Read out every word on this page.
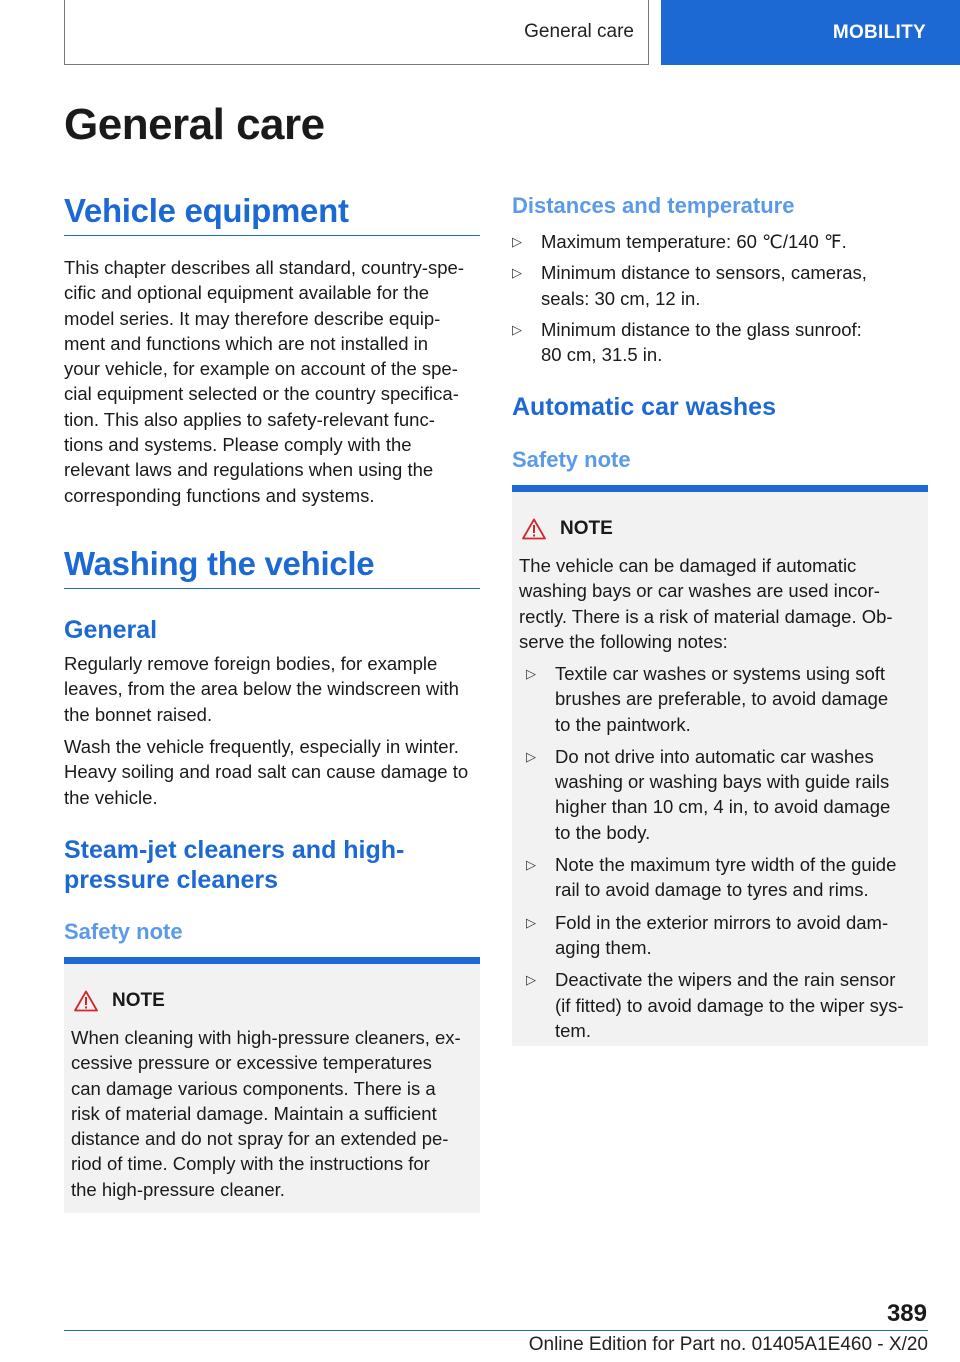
General care	MOBILITY
General care
Vehicle equipment
This chapter describes all standard, country-spe-
cific and optional equipment available for the
model series. It may therefore describe equip-
ment and functions which are not installed in
your vehicle, for example on account of the spe-
cial equipment selected or the country specifica-
tion. This also applies to safety-relevant func-
tions and systems. Please comply with the
relevant laws and regulations when using the
corresponding functions and systems.
Washing the vehicle
General
Regularly remove foreign bodies, for example
leaves, from the area below the windscreen with
the bonnet raised.
Wash the vehicle frequently, especially in winter.
Heavy soiling and road salt can cause damage to
the vehicle.
Steam-jet cleaners and high-
pressure cleaners
Safety note
NOTE
When cleaning with high-pressure cleaners, ex-
cessive pressure or excessive temperatures
can damage various components. There is a
risk of material damage. Maintain a sufficient
distance and do not spray for an extended pe-
riod of time. Comply with the instructions for
the high-pressure cleaner.
Distances and temperature
▷ Maximum temperature: 60 ℃/140 ℉.
▷ Minimum distance to sensors, cameras,
seals: 30 cm, 12 in.
▷ Minimum distance to the glass sunroof:
80 cm, 31.5 in.
Automatic car washes
Safety note
NOTE
The vehicle can be damaged if automatic
washing bays or car washes are used incor-
rectly. There is a risk of material damage. Ob-
serve the following notes:
▷ Textile car washes or systems using soft
brushes are preferable, to avoid damage
to the paintwork.
▷ Do not drive into automatic car washes
washing or washing bays with guide rails
higher than 10 cm, 4 in, to avoid damage
to the body.
▷ Note the maximum tyre width of the guide
rail to avoid damage to tyres and rims.
▷ Fold in the exterior mirrors to avoid dam-
aging them.
▷ Deactivate the wipers and the rain sensor
(if fitted) to avoid damage to the wiper sys-
tem.
389
Online Edition for Part no. 01405A1E460 - X/20
